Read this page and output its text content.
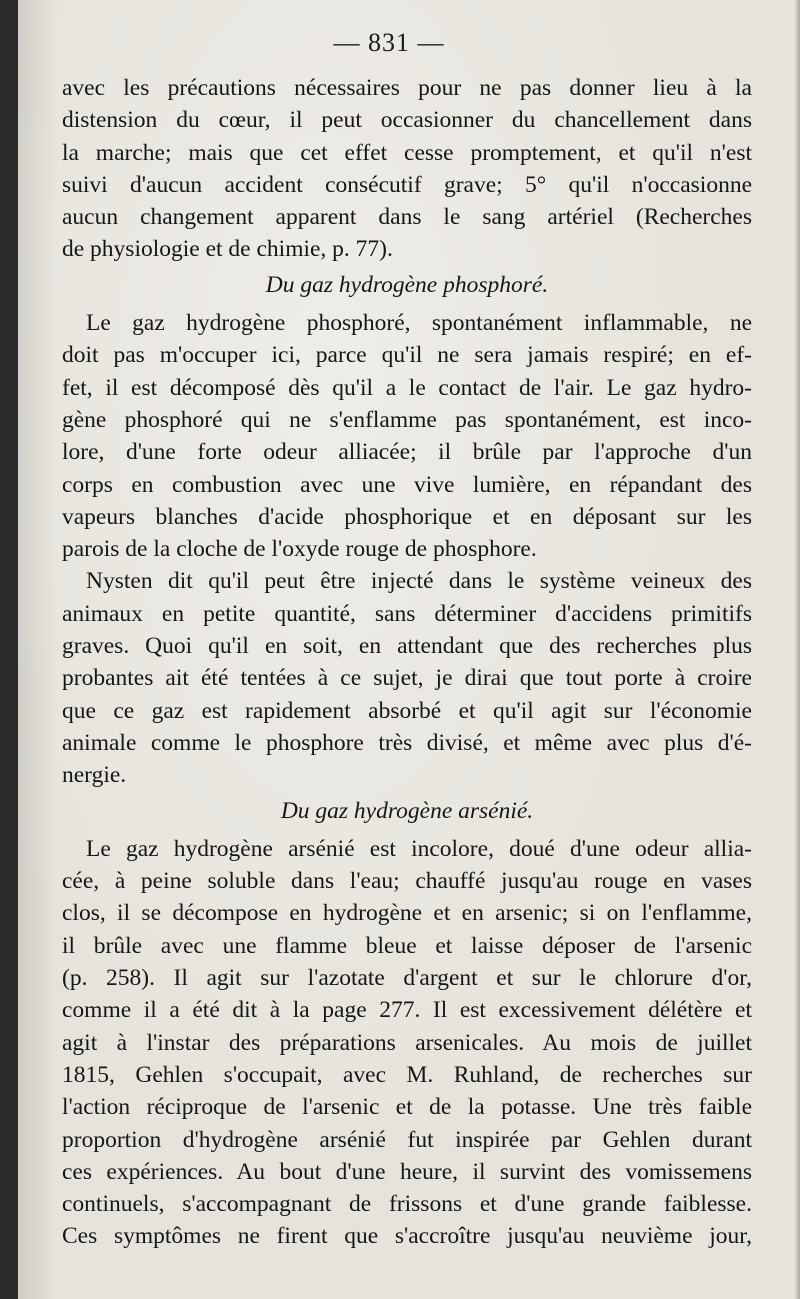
— 831 —
avec les précautions nécessaires pour ne pas donner lieu à la
distension du cœur, il peut occasionner du chancellement dans
la marche; mais que cet effet cesse promptement, et qu'il n'est
suivi d'aucun accident consécutif grave; 5° qu'il n'occasionne
aucun changement apparent dans le sang artériel (Recherches
de physiologie et de chimie, p. 77).
Du gaz hydrogène phosphoré.
Le gaz hydrogène phosphoré, spontanément inflammable, ne
doit pas m'occuper ici, parce qu'il ne sera jamais respiré; en ef-
fet, il est décomposé dès qu'il a le contact de l'air. Le gaz hydro-
gène phosphoré qui ne s'enflamme pas spontanément, est inco-
lore, d'une forte odeur alliacée; il brûle par l'approche d'un
corps en combustion avec une vive lumière, en répandant des
vapeurs blanches d'acide phosphorique et en déposant sur les
parois de la cloche de l'oxyde rouge de phosphore.
Nysten dit qu'il peut être injecté dans le système veineux des
animaux en petite quantité, sans déterminer d'accidens primitifs
graves. Quoi qu'il en soit, en attendant que des recherches plus
probantes ait été tentées à ce sujet, je dirai que tout porte à croire
que ce gaz est rapidement absorbé et qu'il agit sur l'économie
animale comme le phosphore très divisé, et même avec plus d'é-
nergie.
Du gaz hydrogène arsénié.
Le gaz hydrogène arsénié est incolore, doué d'une odeur allia-
cée, à peine soluble dans l'eau; chauffé jusqu'au rouge en vases
clos, il se décompose en hydrogène et en arsenic; si on l'enflamme,
il brûle avec une flamme bleue et laisse déposer de l'arsenic
(p. 258). Il agit sur l'azotate d'argent et sur le chlorure d'or,
comme il a été dit à la page 277. Il est excessivement délétère et
agit à l'instar des préparations arsenicales. Au mois de juillet
1815, Gehlen s'occupait, avec M. Ruhland, de recherches sur
l'action réciproque de l'arsenic et de la potasse. Une très faible
proportion d'hydrogène arsénié fut inspirée par Gehlen durant
ces expériences. Au bout d'une heure, il survint des vomissemens
continuels, s'accompagnant de frissons et d'une grande faiblesse.
Ces symptômes ne firent que s'accroître jusqu'au neuvième jour,
